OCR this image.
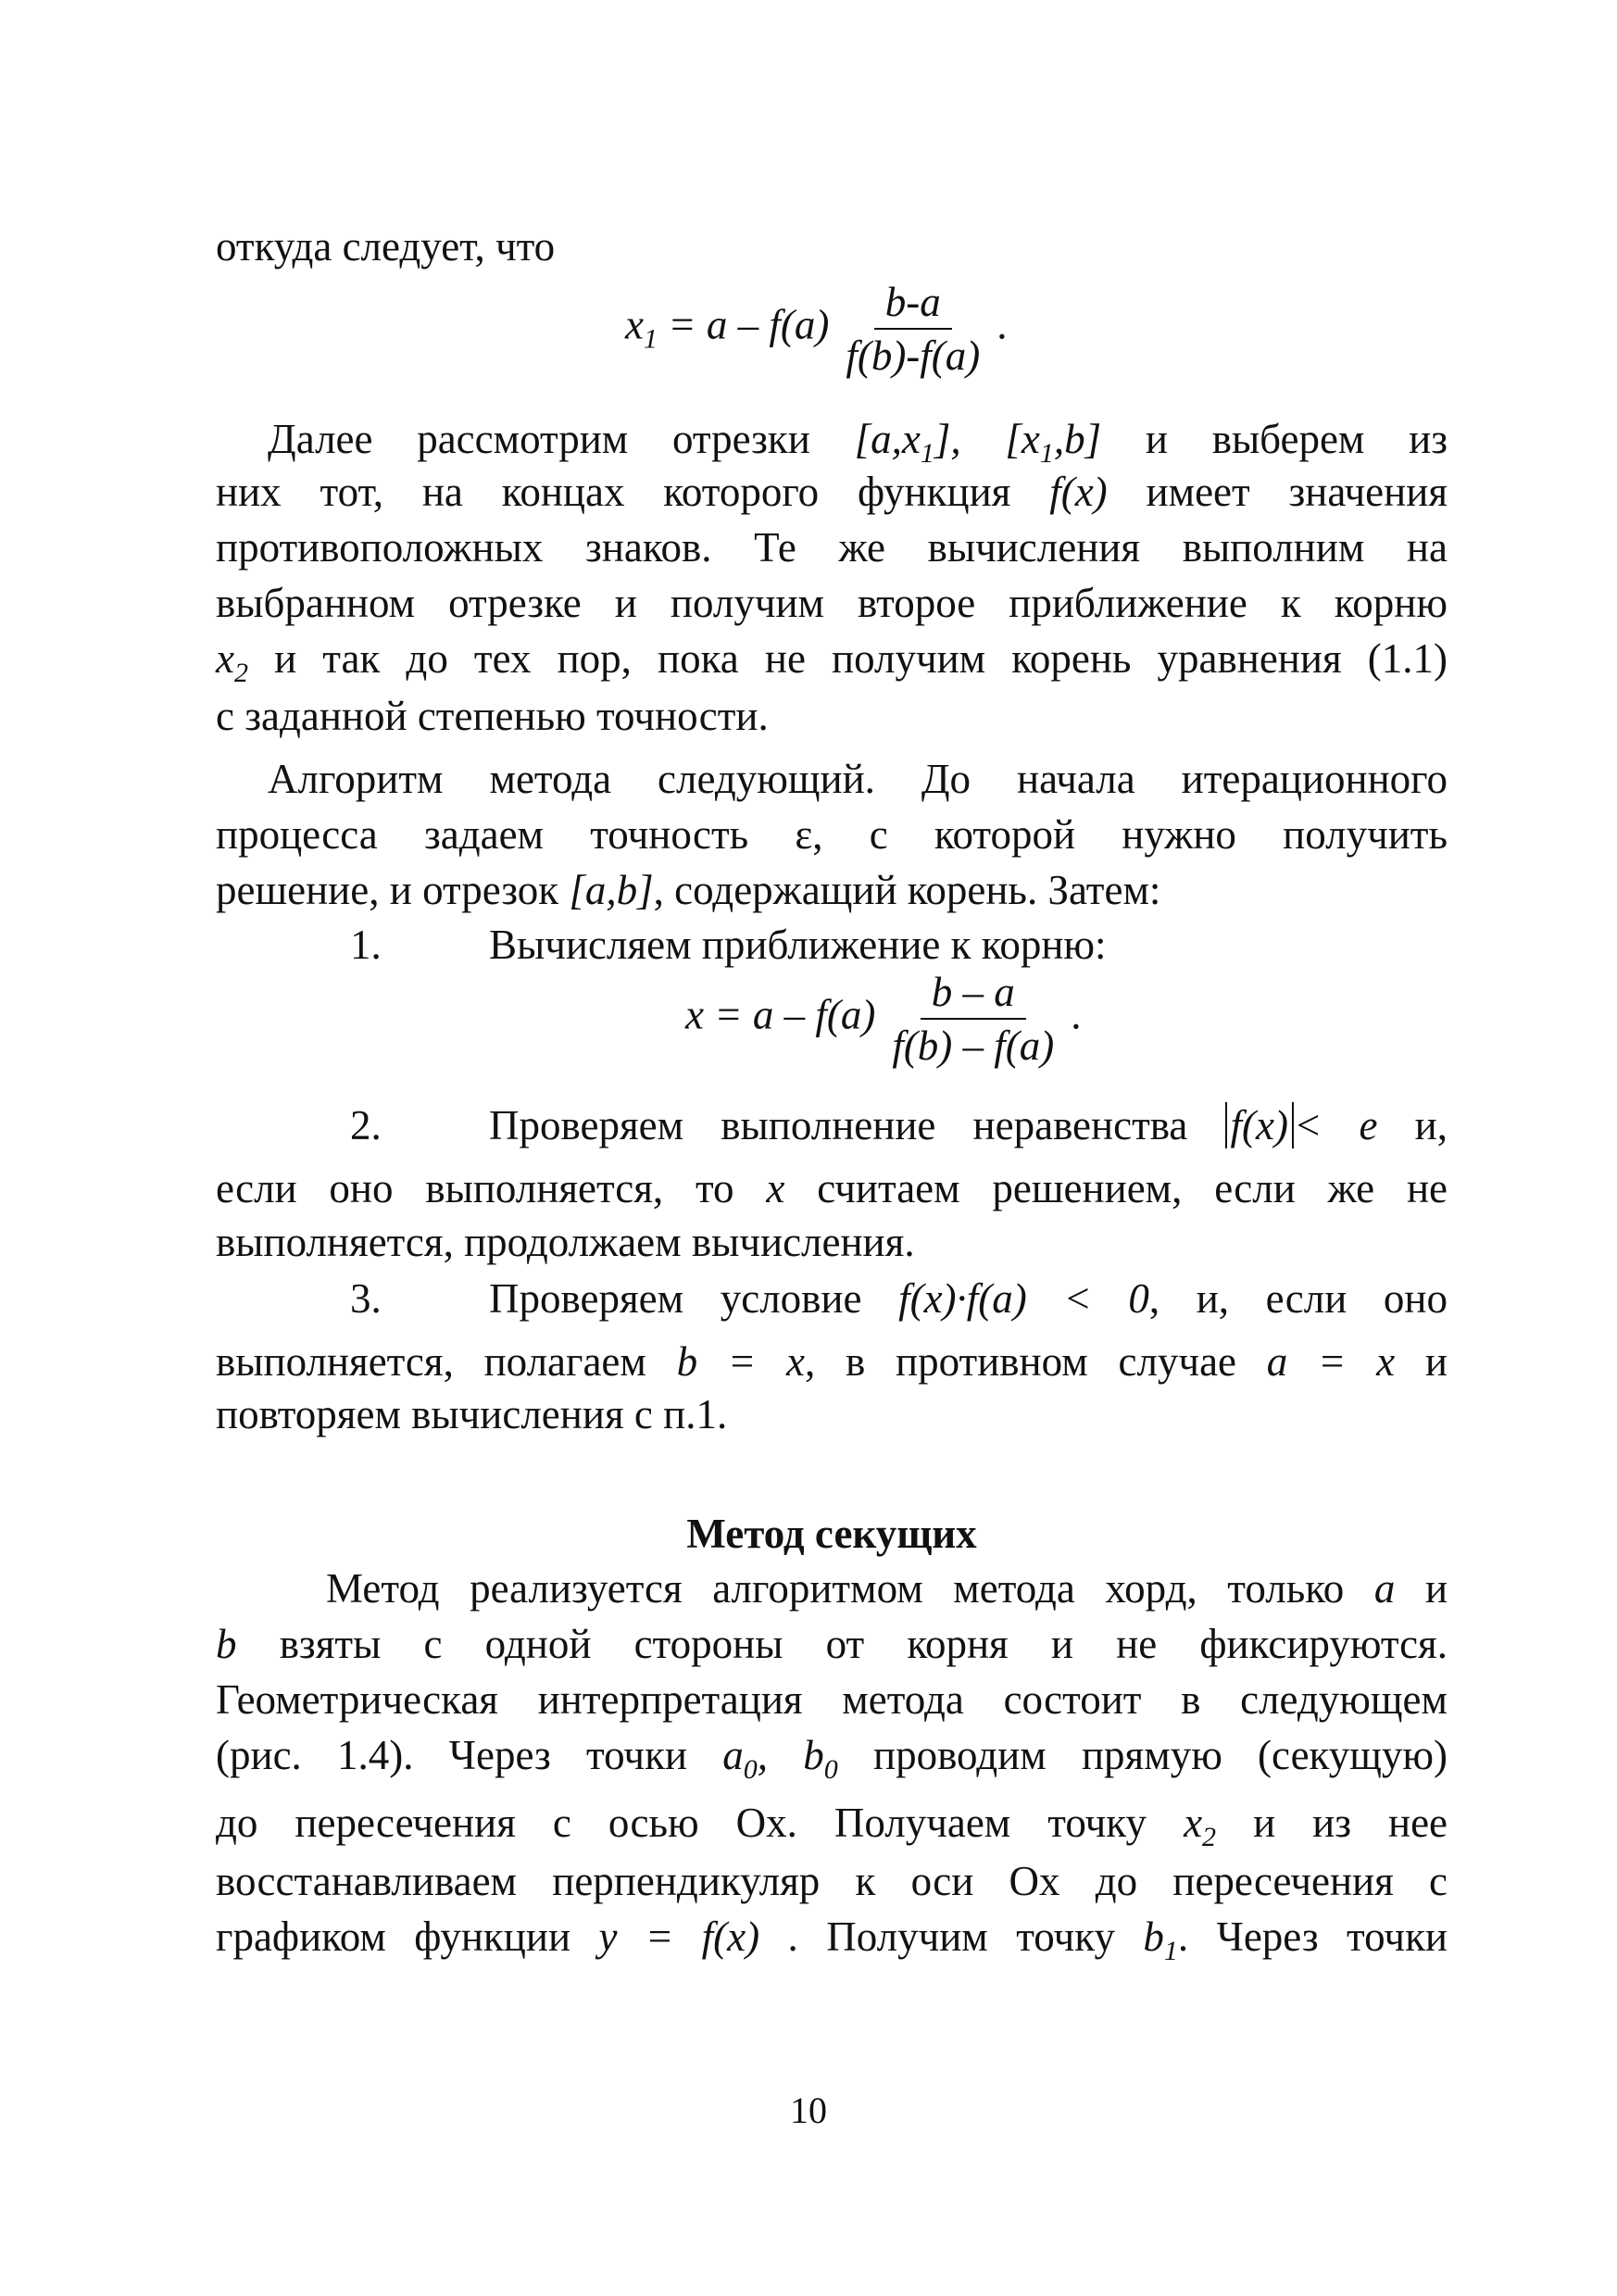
откуда следует, что
$x_1 = a - f(a) \frac{b-a}{f(b)-f(a)}$ .
Далее рассмотрим отрезки $[a,x_1]$, $[x_1,b]$ и выберем из
них тот, на концах которого функция f(x) имеет значения
противоположных знаков. Те же вычисления выполним на
выбранном отрезке и получим второе приближение к корню
$x_2$ и так до тех пор, пока не получим корень уравнения (1.1)
с заданной степенью точности.
Алгоритм метода следующий. До начала итерационного
процесса задаем точность ε, с которой нужно получить
решение, и отрезок [a,b], содержащий корень. Затем:
1.	Вычисляем приближение к корню:
$x = a - f(a) \frac{b - a}{f(b) - f(a)}$ .
2.	Проверяем выполнение неравенства f(x) < e и,
если оно выполняется, то x считаем решением, если же не
выполняется, продолжаем вычисления.
3.	Проверяем условие f(x)·f(a) < 0, и, если оно
выполняется, полагаем b = x, в противном случае a = x и
повторяем вычисления с п.1.
Метод секущих
Метод реализуется алгоритмом метода хорд, только a и
b взяты с одной стороны от корня и не фиксируются.
Геометрическая интерпретация метода состоит в следующем
(рис. 1.4). Через точки $a_0$, $b_0$ проводим прямую (секущую)
до пересечения с осью Ох. Получаем точку $x_2$ и из нее
восстанавливаем перпендикуляр к оси Ох до пересечения с
графиком функции y = f(x) . Получим точку $b_1$. Через точки
10
